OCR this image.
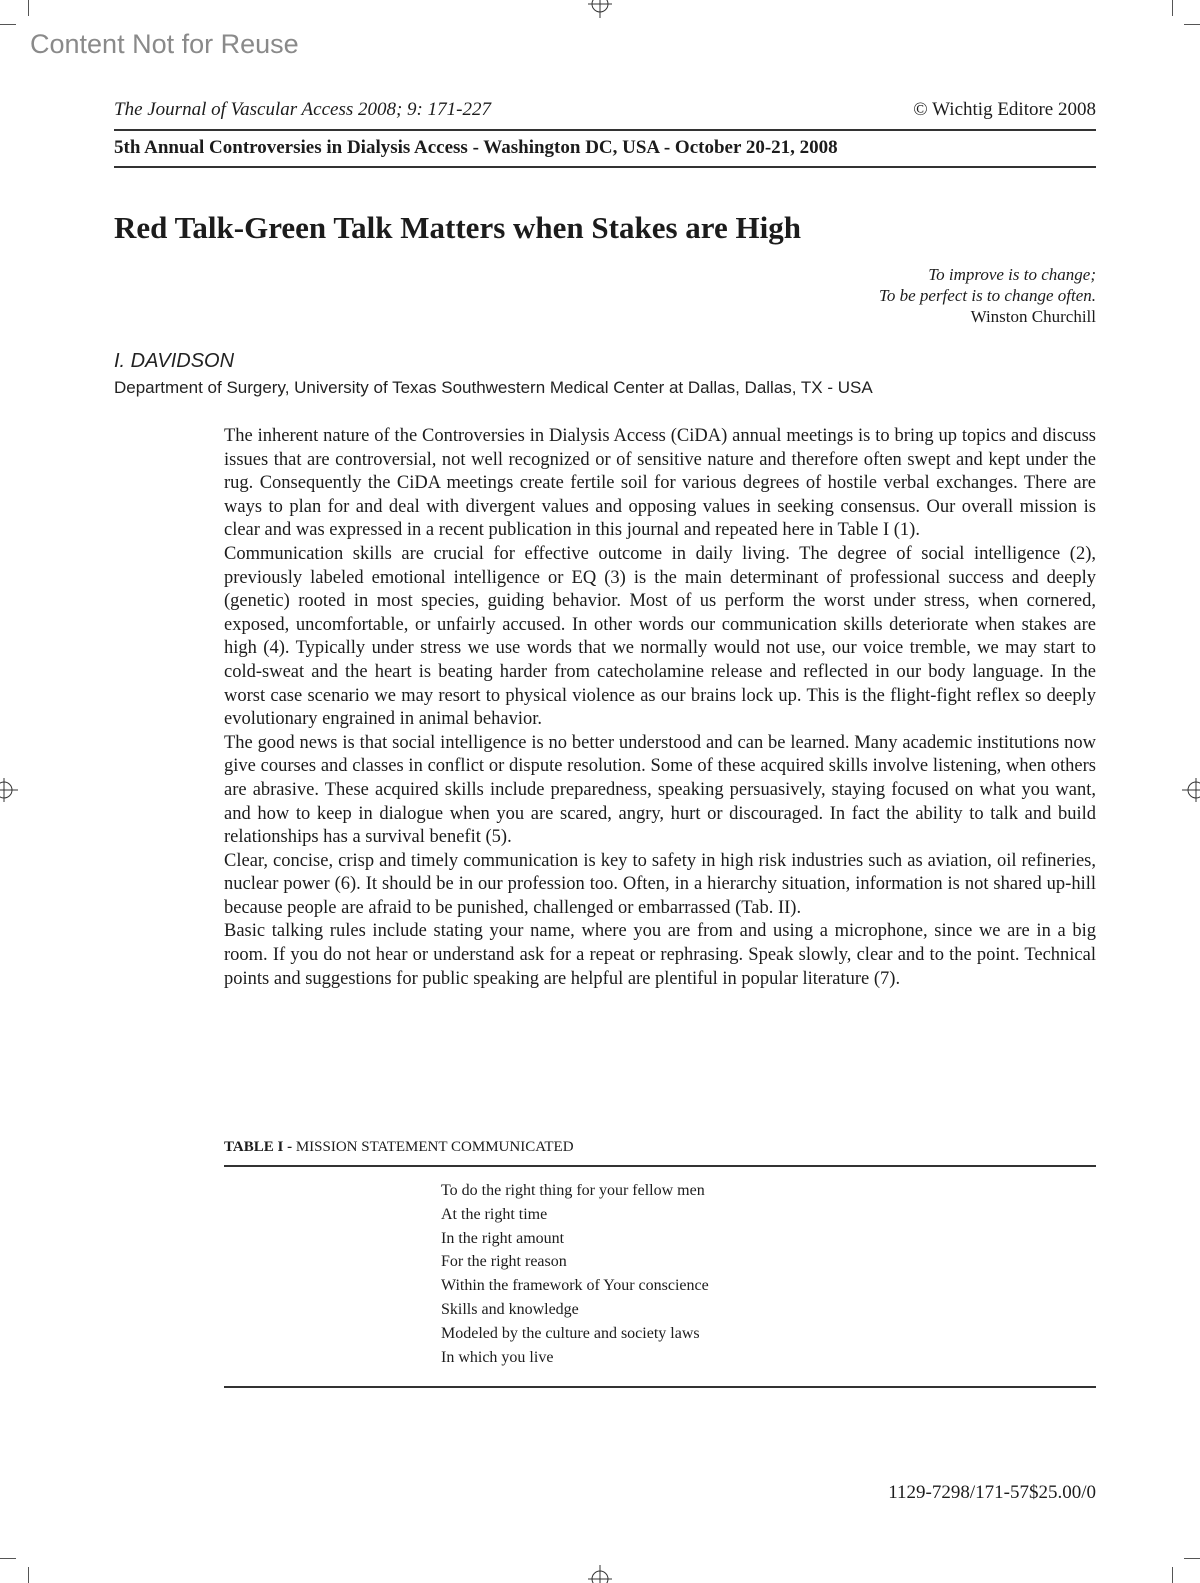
Content Not for Reuse
The Journal of Vascular Access 2008; 9: 171-227	© Wichtig Editore 2008
5th Annual Controversies in Dialysis Access - Washington DC, USA - October 20-21, 2008
Red Talk-Green Talk Matters when Stakes are High
To improve is to change;
To be perfect is to change often.
Winston Churchill
I. DAVIDSON
Department of Surgery, University of Texas Southwestern Medical Center at Dallas, Dallas, TX - USA

The inherent nature of the Controversies in Dialysis Access (CiDA) annual meetings is to bring up topics and discuss issues that are controversial, not well recognized or of sensitive nature and therefore often swept and kept under the rug. Consequently the CiDA meetings create fertile soil for various degrees of hostile verbal exchanges. There are ways to plan for and deal with divergent values and opposing values in seeking consensus. Our overall mission is clear and was expressed in a recent publication in this journal and repeated here in Table I (1).

Communication skills are crucial for effective outcome in daily living. The degree of social intelligence (2), previously labeled emotional intelligence or EQ (3) is the main determinant of professional success and deeply (genetic) rooted in most species, guiding behavior. Most of us perform the worst under stress, when cornered, exposed, uncomfortable, or unfairly accused. In other words our communication skills deteriorate when stakes are high (4). Typically under stress we use words that we normally would not use, our voice tremble, we may start to cold-sweat and the heart is beating harder from catecholamine release and reflected in our body language. In the worst case scenario we may resort to physical violence as our brains lock up. This is the flight-fight reflex so deeply evolutionary engrained in animal behavior.

The good news is that social intelligence is no better understood and can be learned. Many academic institutions now give courses and classes in conflict or dispute resolution. Some of these acquired skills involve listening, when others are abrasive. These acquired skills include preparedness, speaking persuasively, staying focused on what you want, and how to keep in dialogue when you are scared, angry, hurt or discouraged. In fact the ability to talk and build relationships has a survival benefit (5).

Clear, concise, crisp and timely communication is key to safety in high risk industries such as aviation, oil refineries, nuclear power (6). It should be in our profession too. Often, in a hierarchy situation, information is not shared up-hill because people are afraid to be punished, challenged or embarrassed (Tab. II).

Basic talking rules include stating your name, where you are from and using a microphone, since we are in a big room. If you do not hear or understand ask for a repeat or rephrasing. Speak slowly, clear and to the point. Technical points and suggestions for public speaking are helpful are plentiful in popular literature (7).

TABLE I - MISSION STATEMENT COMMUNICATED
To do the right thing for your fellow men
At the right time
In the right amount
For the right reason
Within the framework of Your conscience
Skills and knowledge
Modeled by the culture and society laws
In which you live
1129-7298/171-57$25.00/0
